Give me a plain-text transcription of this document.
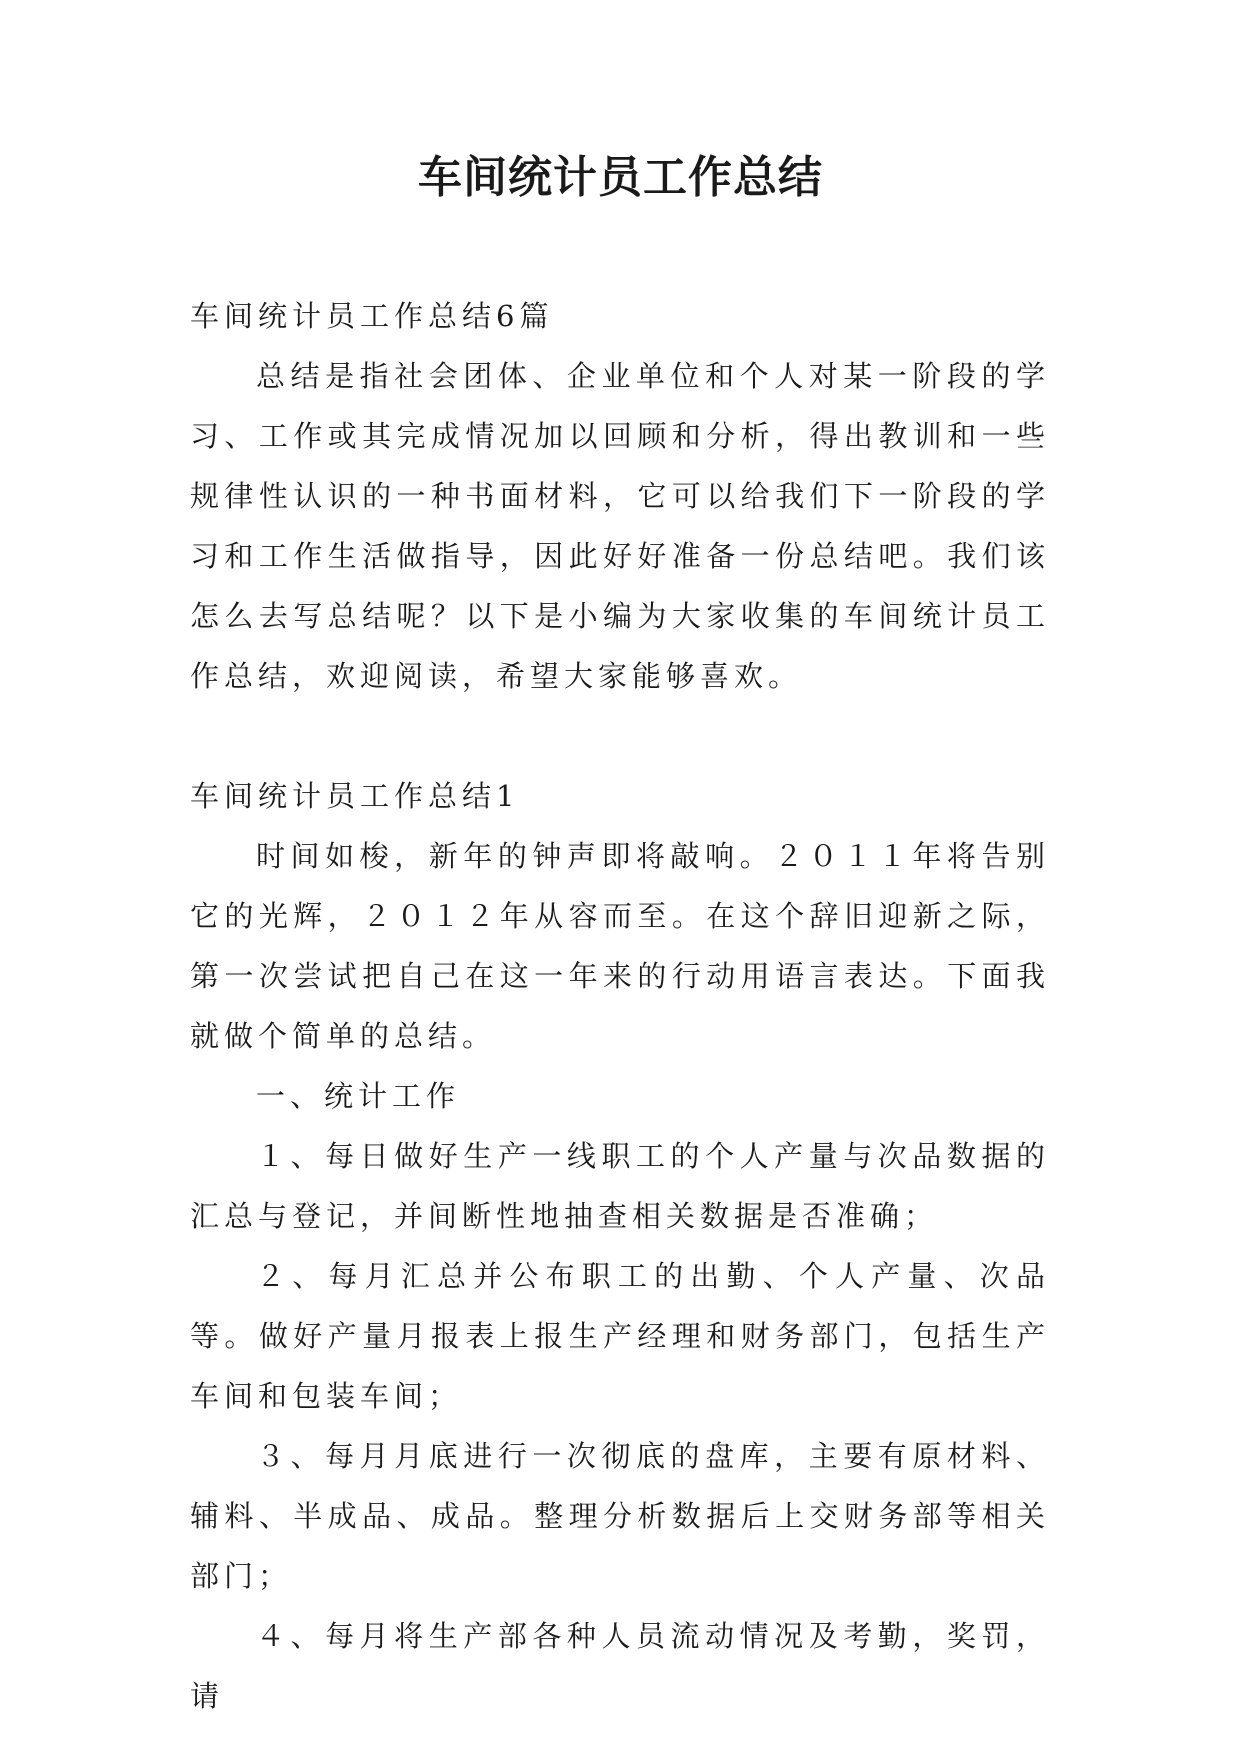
车间统计员工作总结

车间统计员工作总结6篇

总结是指社会团体、企业单位和个人对某一阶段的学习、工作或其完成情况加以回顾和分析，得出教训和一些规律性认识的一种书面材料，它可以给我们下一阶段的学习和工作生活做指导，因此好好准备一份总结吧。我们该怎么去写总结呢？以下是小编为大家收集的车间统计员工作总结，欢迎阅读，希望大家能够喜欢。

车间统计员工作总结1

时间如梭，新年的钟声即将敲响。２０１１年将告别它的光辉，２０１２年从容而至。在这个辞旧迎新之际，第一次尝试把自己在这一年来的行动用语言表达。下面我就做个简单的总结。

一、统计工作

１、每日做好生产一线职工的个人产量与次品数据的汇总与登记，并间断性地抽查相关数据是否准确；

２、每月汇总并公布职工的出勤、个人产量、次品等。做好产量月报表上报生产经理和财务部门，包括生产车间和包装车间；

３、每月月底进行一次彻底的盘库，主要有原材料、辅料、半成品、成品。整理分析数据后上交财务部等相关部门；

４、每月将生产部各种人员流动情况及考勤，奖罚，请
